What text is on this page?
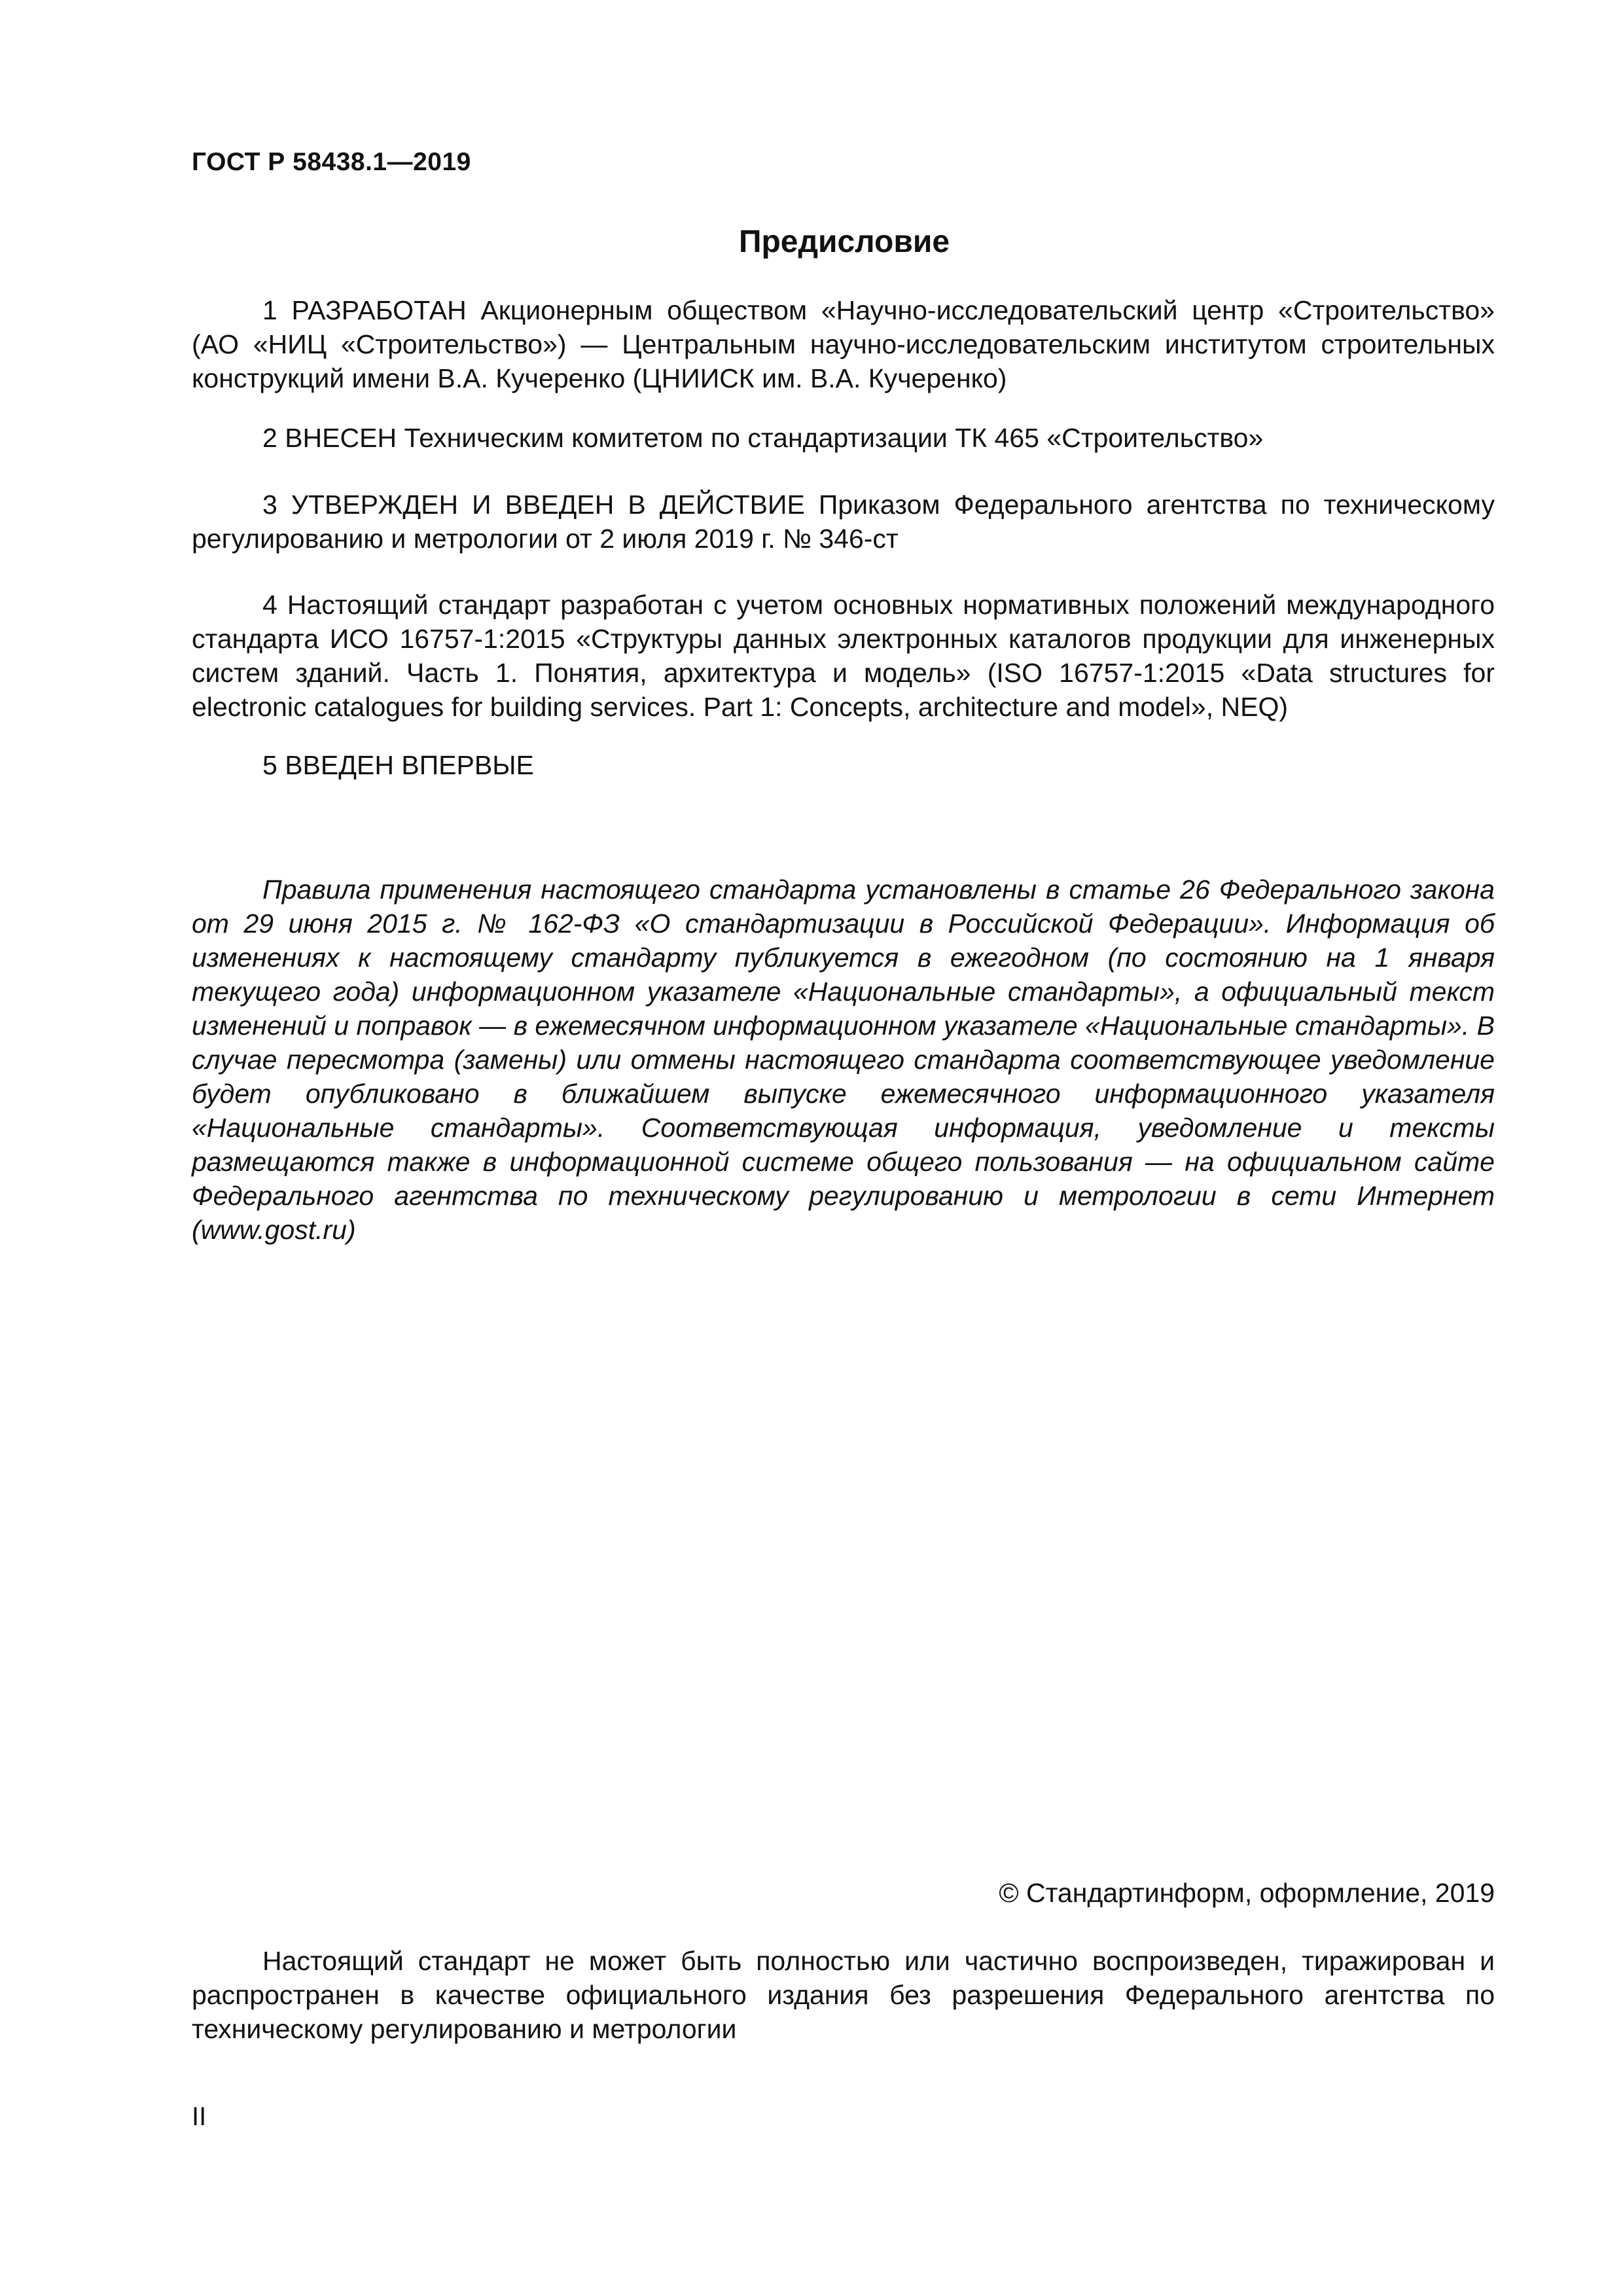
ГОСТ Р 58438.1—2019
Предисловие

1 РАЗРАБОТАН Акционерным обществом «Научно-исследовательский центр «Строительство» (АО «НИЦ «Строительство») — Центральным научно-исследовательским институтом строительных конструкций имени В.А. Кучеренко (ЦНИИСК им. В.А. Кучеренко)

2 ВНЕСЕН Техническим комитетом по стандартизации ТК 465 «Строительство»

3 УТВЕРЖДЕН И ВВЕДЕН В ДЕЙСТВИЕ Приказом Федерального агентства по техническому регулированию и метрологии от 2 июля 2019 г. № 346-ст

4 Настоящий стандарт разработан с учетом основных нормативных положений международного стандарта ИСО 16757-1:2015 «Структуры данных электронных каталогов продукции для инженерных систем зданий. Часть 1. Понятия, архитектура и модель» (ISO 16757-1:2015 «Data structures for electronic catalogues for building services. Part 1: Concepts, architecture and model», NEQ)

5 ВВЕДЕН ВПЕРВЫЕ

Правила применения настоящего стандарта установлены в статье 26 Федерального закона от 29 июня 2015 г. № 162-ФЗ «О стандартизации в Российской Федерации». Информация об изменениях к настоящему стандарту публикуется в ежегодном (по состоянию на 1 января текущего года) информационном указателе «Национальные стандарты», а официальный текст изменений и поправок — в ежемесячном информационном указателе «Национальные стандарты». В случае пересмотра (замены) или отмены настоящего стандарта соответствующее уведомление будет опубликовано в ближайшем выпуске ежемесячного информационного указателя «Национальные стандарты». Соответствующая информация, уведомление и тексты размещаются также в информационной системе общего пользования — на официальном сайте Федерального агентства по техническому регулированию и метрологии в сети Интернет (www.gost.ru)

© Стандартинформ, оформление, 2019

Настоящий стандарт не может быть полностью или частично воспроизведен, тиражирован и распространен в качестве официального издания без разрешения Федерального агентства по техническому регулированию и метрологии

II
